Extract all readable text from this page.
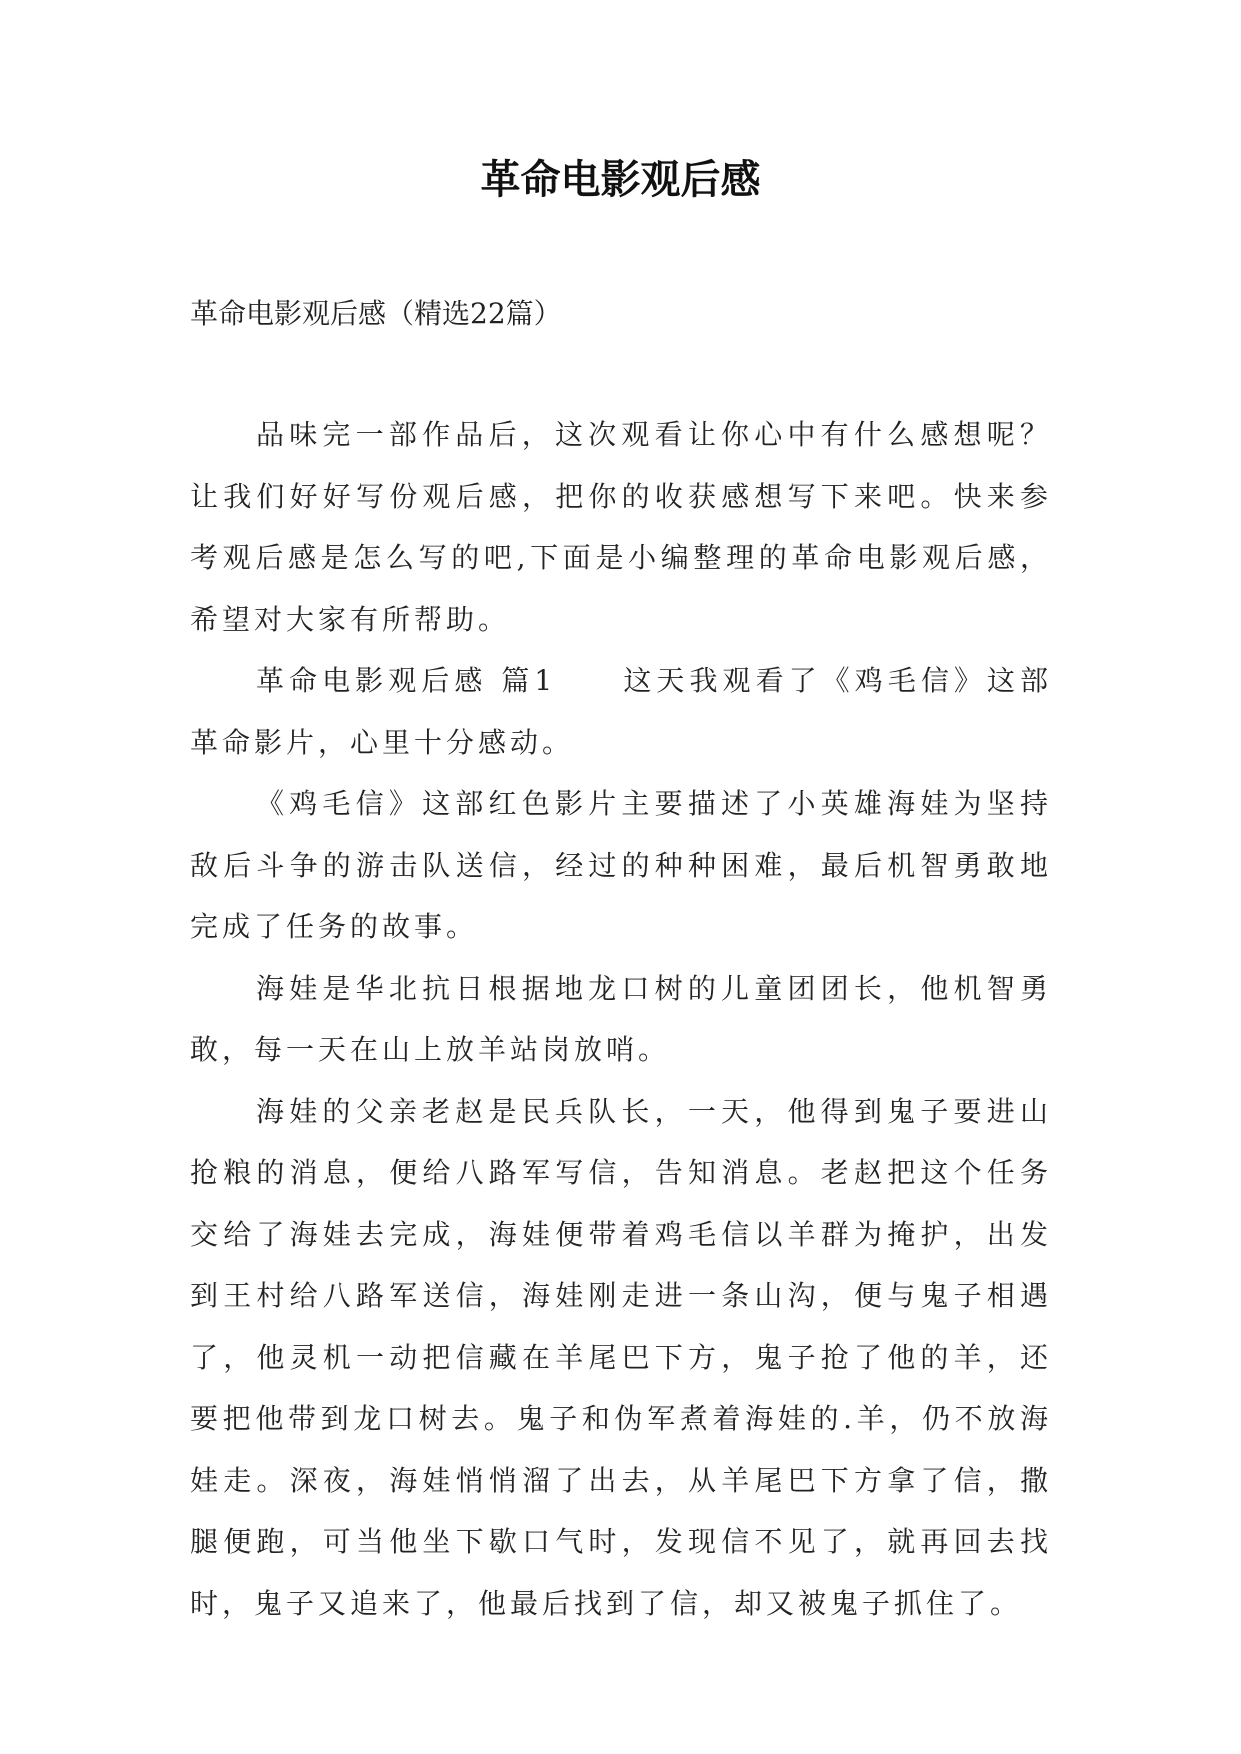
革命电影观后感

革命电影观后感（精选22篇）

品味完一部作品后，这次观看让你心中有什么感想呢？让我们好好写份观后感，把你的收获感想写下来吧。快来参考观后感是怎么写的吧,下面是小编整理的革命电影观后感，希望对大家有所帮助。

革命电影观后感 篇1　　这天我观看了《鸡毛信》这部革命影片，心里十分感动。

《鸡毛信》这部红色影片主要描述了小英雄海娃为坚持敌后斗争的游击队送信，经过的种种困难，最后机智勇敢地完成了任务的故事。

海娃是华北抗日根据地龙口树的儿童团团长，他机智勇敢，每一天在山上放羊站岗放哨。

海娃的父亲老赵是民兵队长，一天，他得到鬼子要进山抢粮的消息，便给八路军写信，告知消息。老赵把这个任务交给了海娃去完成，海娃便带着鸡毛信以羊群为掩护，出发到王村给八路军送信，海娃刚走进一条山沟，便与鬼子相遇了，他灵机一动把信藏在羊尾巴下方，鬼子抢了他的羊，还要把他带到龙口树去。鬼子和伪军煮着海娃的.羊，仍不放海娃走。深夜，海娃悄悄溜了出去，从羊尾巴下方拿了信，撒腿便跑，可当他坐下歇口气时，发现信不见了，就再回去找时，鬼子又追来了，他最后找到了信，却又被鬼子抓住了。
